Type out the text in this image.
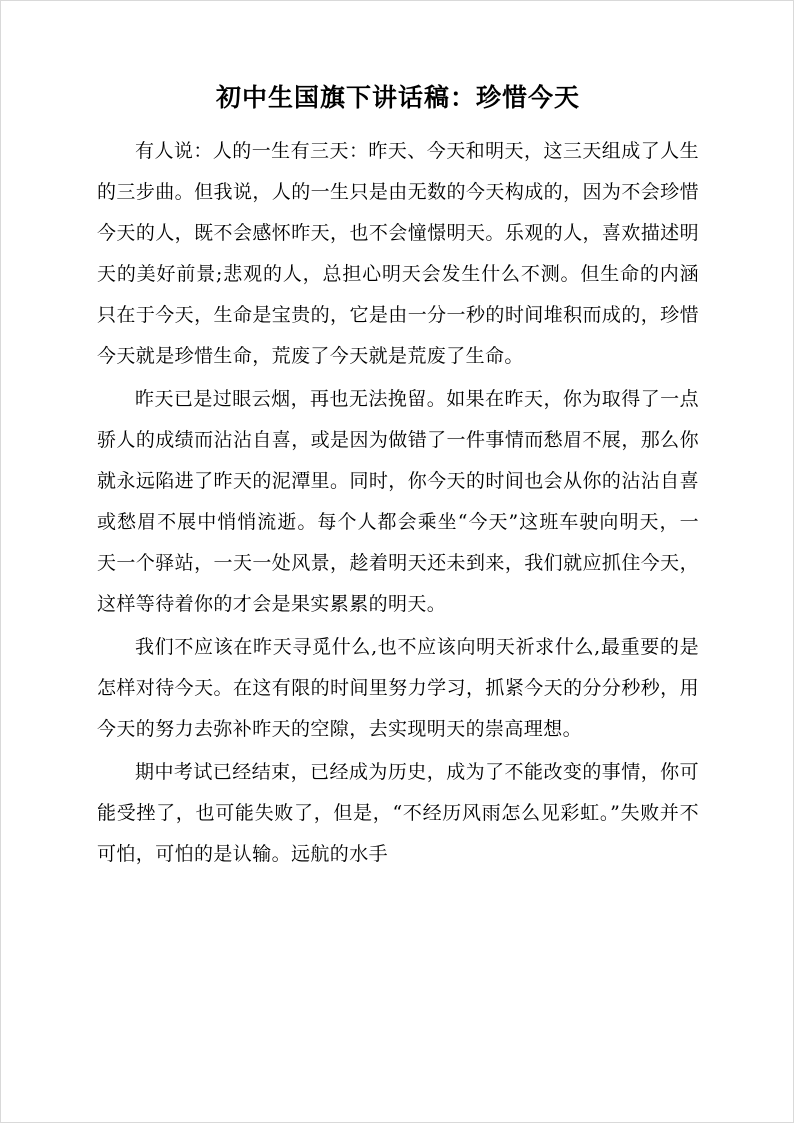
初中生国旗下讲话稿：珍惜今天

有人说：人的一生有三天：昨天、今天和明天，这三天组成了人生的三步曲。但我说，人的一生只是由无数的今天构成的，因为不会珍惜今天的人，既不会感怀昨天，也不会憧憬明天。乐观的人，喜欢描述明天的美好前景;悲观的人，总担心明天会发生什么不测。但生命的内涵只在于今天，生命是宝贵的，它是由一分一秒的时间堆积而成的，珍惜今天就是珍惜生命，荒废了今天就是荒废了生命。

昨天已是过眼云烟，再也无法挽留。如果在昨天，你为取得了一点骄人的成绩而沾沾自喜，或是因为做错了一件事情而愁眉不展，那么你就永远陷进了昨天的泥潭里。同时，你今天的时间也会从你的沾沾自喜或愁眉不展中悄悄流逝。每个人都会乘坐“今天”这班车驶向明天，一天一个驿站，一天一处风景，趁着明天还未到来，我们就应抓住今天，这样等待着你的才会是果实累累的明天。

我们不应该在昨天寻觅什么,也不应该向明天祈求什么,最重要的是怎样对待今天。在这有限的时间里努力学习，抓紧今天的分分秒秒，用今天的努力去弥补昨天的空隙，去实现明天的崇高理想。

期中考试已经结束，已经成为历史，成为了不能改变的事情，你可能受挫了，也可能失败了，但是，“不经历风雨怎么见彩虹。”失败并不可怕，可怕的是认输。远航的水手
